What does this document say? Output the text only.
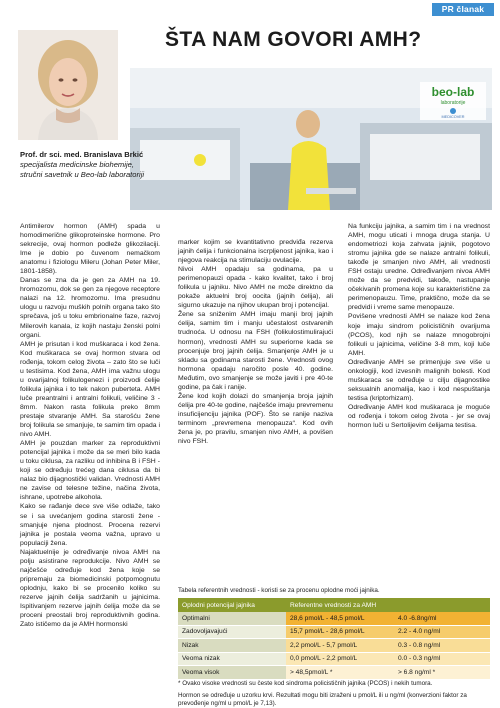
PR članak
ŠTA NAM GOVORI AMH?
beo-lab
laboratorije
MEDICOVER
Prof. dr sci. med. Branislava Brkić
specijalista medicinske biohemije, stručni savetnik u Beo-lab laboratoriji

Antimilerov hormon (AMH) spada u homodimerične glikoproteinske hormone. Pro sekrecije, ovaj hormon podleže glikozilaciji. Ime je dobio po čuvenom nemačkom anatomu i fiziologu Mileru (Johan Peter Miler, 1801-1858).

Danas se zna da je gen za AMH na 19. hromozomu, dok se gen za njegove receptore nalazi na 12. hromozomu. Ima presudnu ulogu u razvoju muških polnih organa tako što sprečava, još u toku embrionalne faze, razvoj Milerovih kanala, iz kojih nastaju ženski polni organi.

AMH je prisutan i kod muškaraca i kod žena. Kod muškaraca se ovaj hormon stvara od rođenja, tokom celog života – zato što se luči u testisima. Kod žena, AMH ima važnu ulogu u ovarijalnoj folikulogenezi i proizvodi ćelije folikula jajnika i to tek nakon puberteta. AMH luče preantralni i antralni folikuli, veličine 3 - 8mm. Nakon rasta folikula preko 8mm prestaje stvaranje AMH. Sa starošću žene broj folikula se smanjuje, te samim tim opada i nivo AMH.

AMH je pouzdan marker za reproduktivni potencijal jajnika i može da se meri bilo kada u toku ciklusa, za razliku od inhibina B i FSH - koji se određuju trećeg dana ciklusa da bi nalaz bio dijagnostički validan. Vrednosti AMH ne zavise od telesne težine, načina života, ishrane, upotrebe alkohola.

Kako se rađanje dece sve više odlaže, tako se i sa uvećanjem godina starosti žene - smanjuje njena plodnost. Procena rezervi jajnika je postala veoma važna, upravo u populaciji žena.

Najaktuelnije je određivanje nivoa AMH na polju asistirane reprodukcije. Nivo AMH se najčešće određuje kod žena koje se pripremaju za biomedicinski potpomognutu oplodnju, kako bi se procenilo koliko su rezerve jajnih ćelija sadržanih u jajnicima. Ispitivanjem rezerve jajnih ćelija može da se proceni preostali broj reproduktivnih godina. Zato ističemo da je AMH hormonski

marker kojim se kvantitativno predviđa rezerva jajnih ćelija i funkcionalna iscrpljenost jajnika, kao i njegova reakcija na stimulaciju ovulacije.

Nivoi AMH opadaju sa godinama, pa u perimenopauzi opada - kako kvalitet, tako i broj folikula u jajniku. Nivo AMH ne može direktno da pokaže aktuelni broj oocita (jajnih ćelija), ali sigurno ukazuje na njihov ukupan broj i potencijal.

Žene sa sniženim AMH imaju manji broj jajnih ćelija, samim tim i manju učestalost ostvarenih trudnoća. U odnosu na FSH (folikulostimulirajući hormon), vrednosti AMH su superiorne kada se procenjuje broj jajnih ćelija. Smanjenje AMH je u skladu sa godinama starosti žene. Vrednosti ovog hormona opadaju naročito posle 40. godine. Međutim, ovo smanjenje se može javiti i pre 40-te godine, pa čak i ranije.

Žene kod kojih dolazi do smanjenja broja jajnih ćelija pre 40-te godine, najčešće imaju prevremenu insuficijenciju jajnika (POF). Što se ranije naziva terminom „prevremena menopauza“. Kod ovih žena je, po pravilu, smanjen nivo AMH, a povišen nivo FSH.

Na funkciju jajnika, a samim tim i na vrednost AMH, mogu uticati i mnoga druga stanja. U endometriozi koja zahvata jajnik, pogotovo stromu jajnika gde se nalaze antralni folikuli, takođe je smanjen nivo AMH, ali vrednosti FSH ostaju uredne. Određivanjem nivoa AMH može da se predvidi, takođe, nastupanje očekivanih promena koje su karakteristične za perimenopauzu. Time, praktično, može da se predvidi i vreme same menopauze.

Povišene vrednosti AMH se nalaze kod žena koje imaju sindrom policističnih ovarijuma (PCOS), kod njih se nalaze mnogobrojni folikuli u jajnicima, veličine 3-8 mm, koji luče AMH.

Određivanje AMH se primenjuje sve više u onkologiji, kod izvesnih malignih bolesti. Kod muškaraca se određuje u cilju dijagnostike seksualnih anomalija, kao i kod nespuštanja testisa (kriptorhizam).

Određivanje AMH kod muškaraca je moguće od rođenja i tokom celog života - jer se ovaj hormon luči u Sertolijevim ćelijama testisa.

Tabela referentnih vrednosti - koristi se za procenu oplodne moći jajnika.
Oplodni potencijal jajnika	Referentne vrednosti za AMH	
Optimalni	28,6 pmol/L - 48,5 pmol/L	4.0 -6.8ng/ml
Zadovoljavajući	15,7 pmol/L - 28,6 pmol/L	2.2 - 4.0 ng/ml
Nizak	2,2 pmol/L - 5,7 pmol/L	0.3 - 0.8 ng/ml
Veoma nizak	0,0 pmol/L - 2,2 pmol/L	0.0 - 0.3 ng/ml
Veoma visok	> 48,5pmol/L *	> 6.8 ng/ml *
* Ovako visoke vrednosti su česte kod sindroma policističnih jajnika (PCOS) i nekih tumora.
Hormon se određuje u uzorku krvi. Rezultati mogu biti izraženi u pmol/L ili u ng/ml (konverzioni faktor za prevođenje ng/ml u pmol/L je 7,13).
